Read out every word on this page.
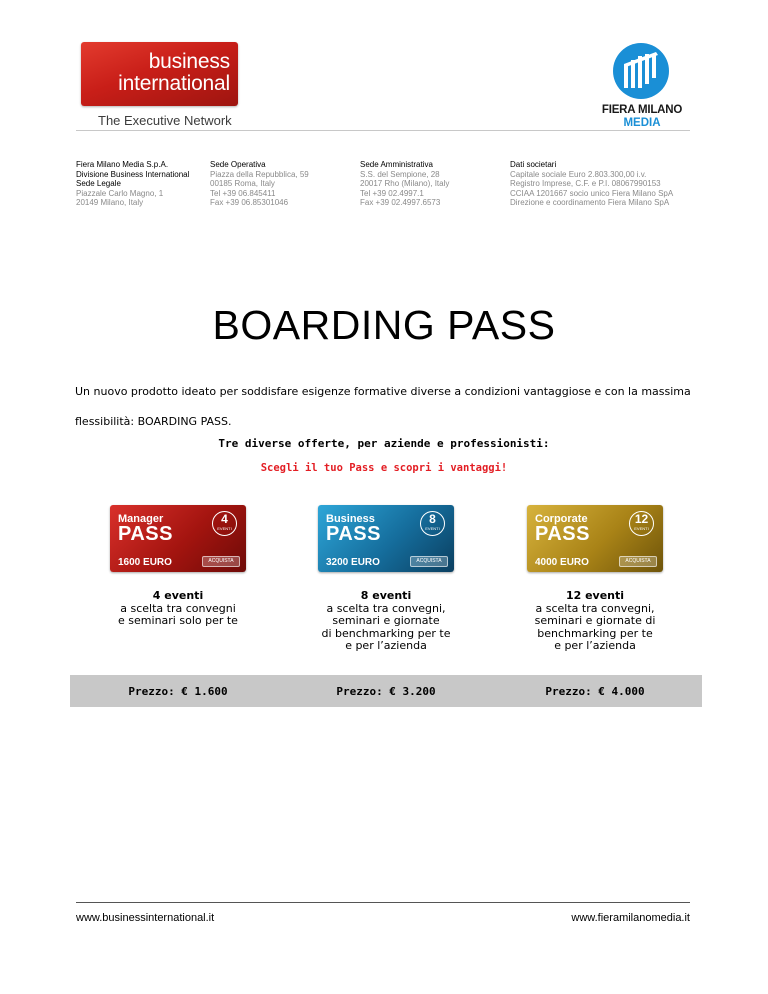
business
international
The Executive Network
FIERA MILANO
MEDIA
Fiera Milano Media S.p.A.
Divisione Business International
Sede Legale
Piazzale Carlo Magno, 1
20149 Milano, Italy
Sede Operativa
Piazza della Repubblica, 59
00185 Roma, Italy
Tel +39 06.845411
Fax +39 06.85301046
Sede Amministrativa
S.S. del Sempione, 28
20017 Rho (Milano), Italy
Tel +39 02.4997.1
Fax +39 02.4997.6573
Dati societari
Capitale sociale Euro 2.803.300,00 i.v.
Registro Imprese, C.F. e P.I. 08067990153
CCIAA 1201667 socio unico Fiera Milano SpA
Direzione e coordinamento Fiera Milano SpA
BOARDING PASS

Un nuovo prodotto ideato per soddisfare esigenze formative diverse a condizioni vantaggiose e con la massima flessibilità: BOARDING PASS.

Tre diverse offerte, per aziende e professionisti:
Scegli il tuo Pass e scopri i vantaggi!
Manager
PASS
4
EVENTI
1600 EURO	ACQUISTA
Business
PASS
8
EVENTI
3200 EURO	ACQUISTA
Corporate
PASS
12
EVENTI
4000 EURO	ACQUISTA
4 eventi
a scelta tra convegni
e seminari solo per te
8 eventi
a scelta tra convegni,
seminari e giornate
di benchmarking per te
e per l’azienda
12 eventi
a scelta tra convegni,
seminari e giornate di
benchmarking per te
e per l’azienda
Prezzo: € 1.600	Prezzo: € 3.200	Prezzo: € 4.000
www.businessinternational.it	www.fieramilanomedia.it
